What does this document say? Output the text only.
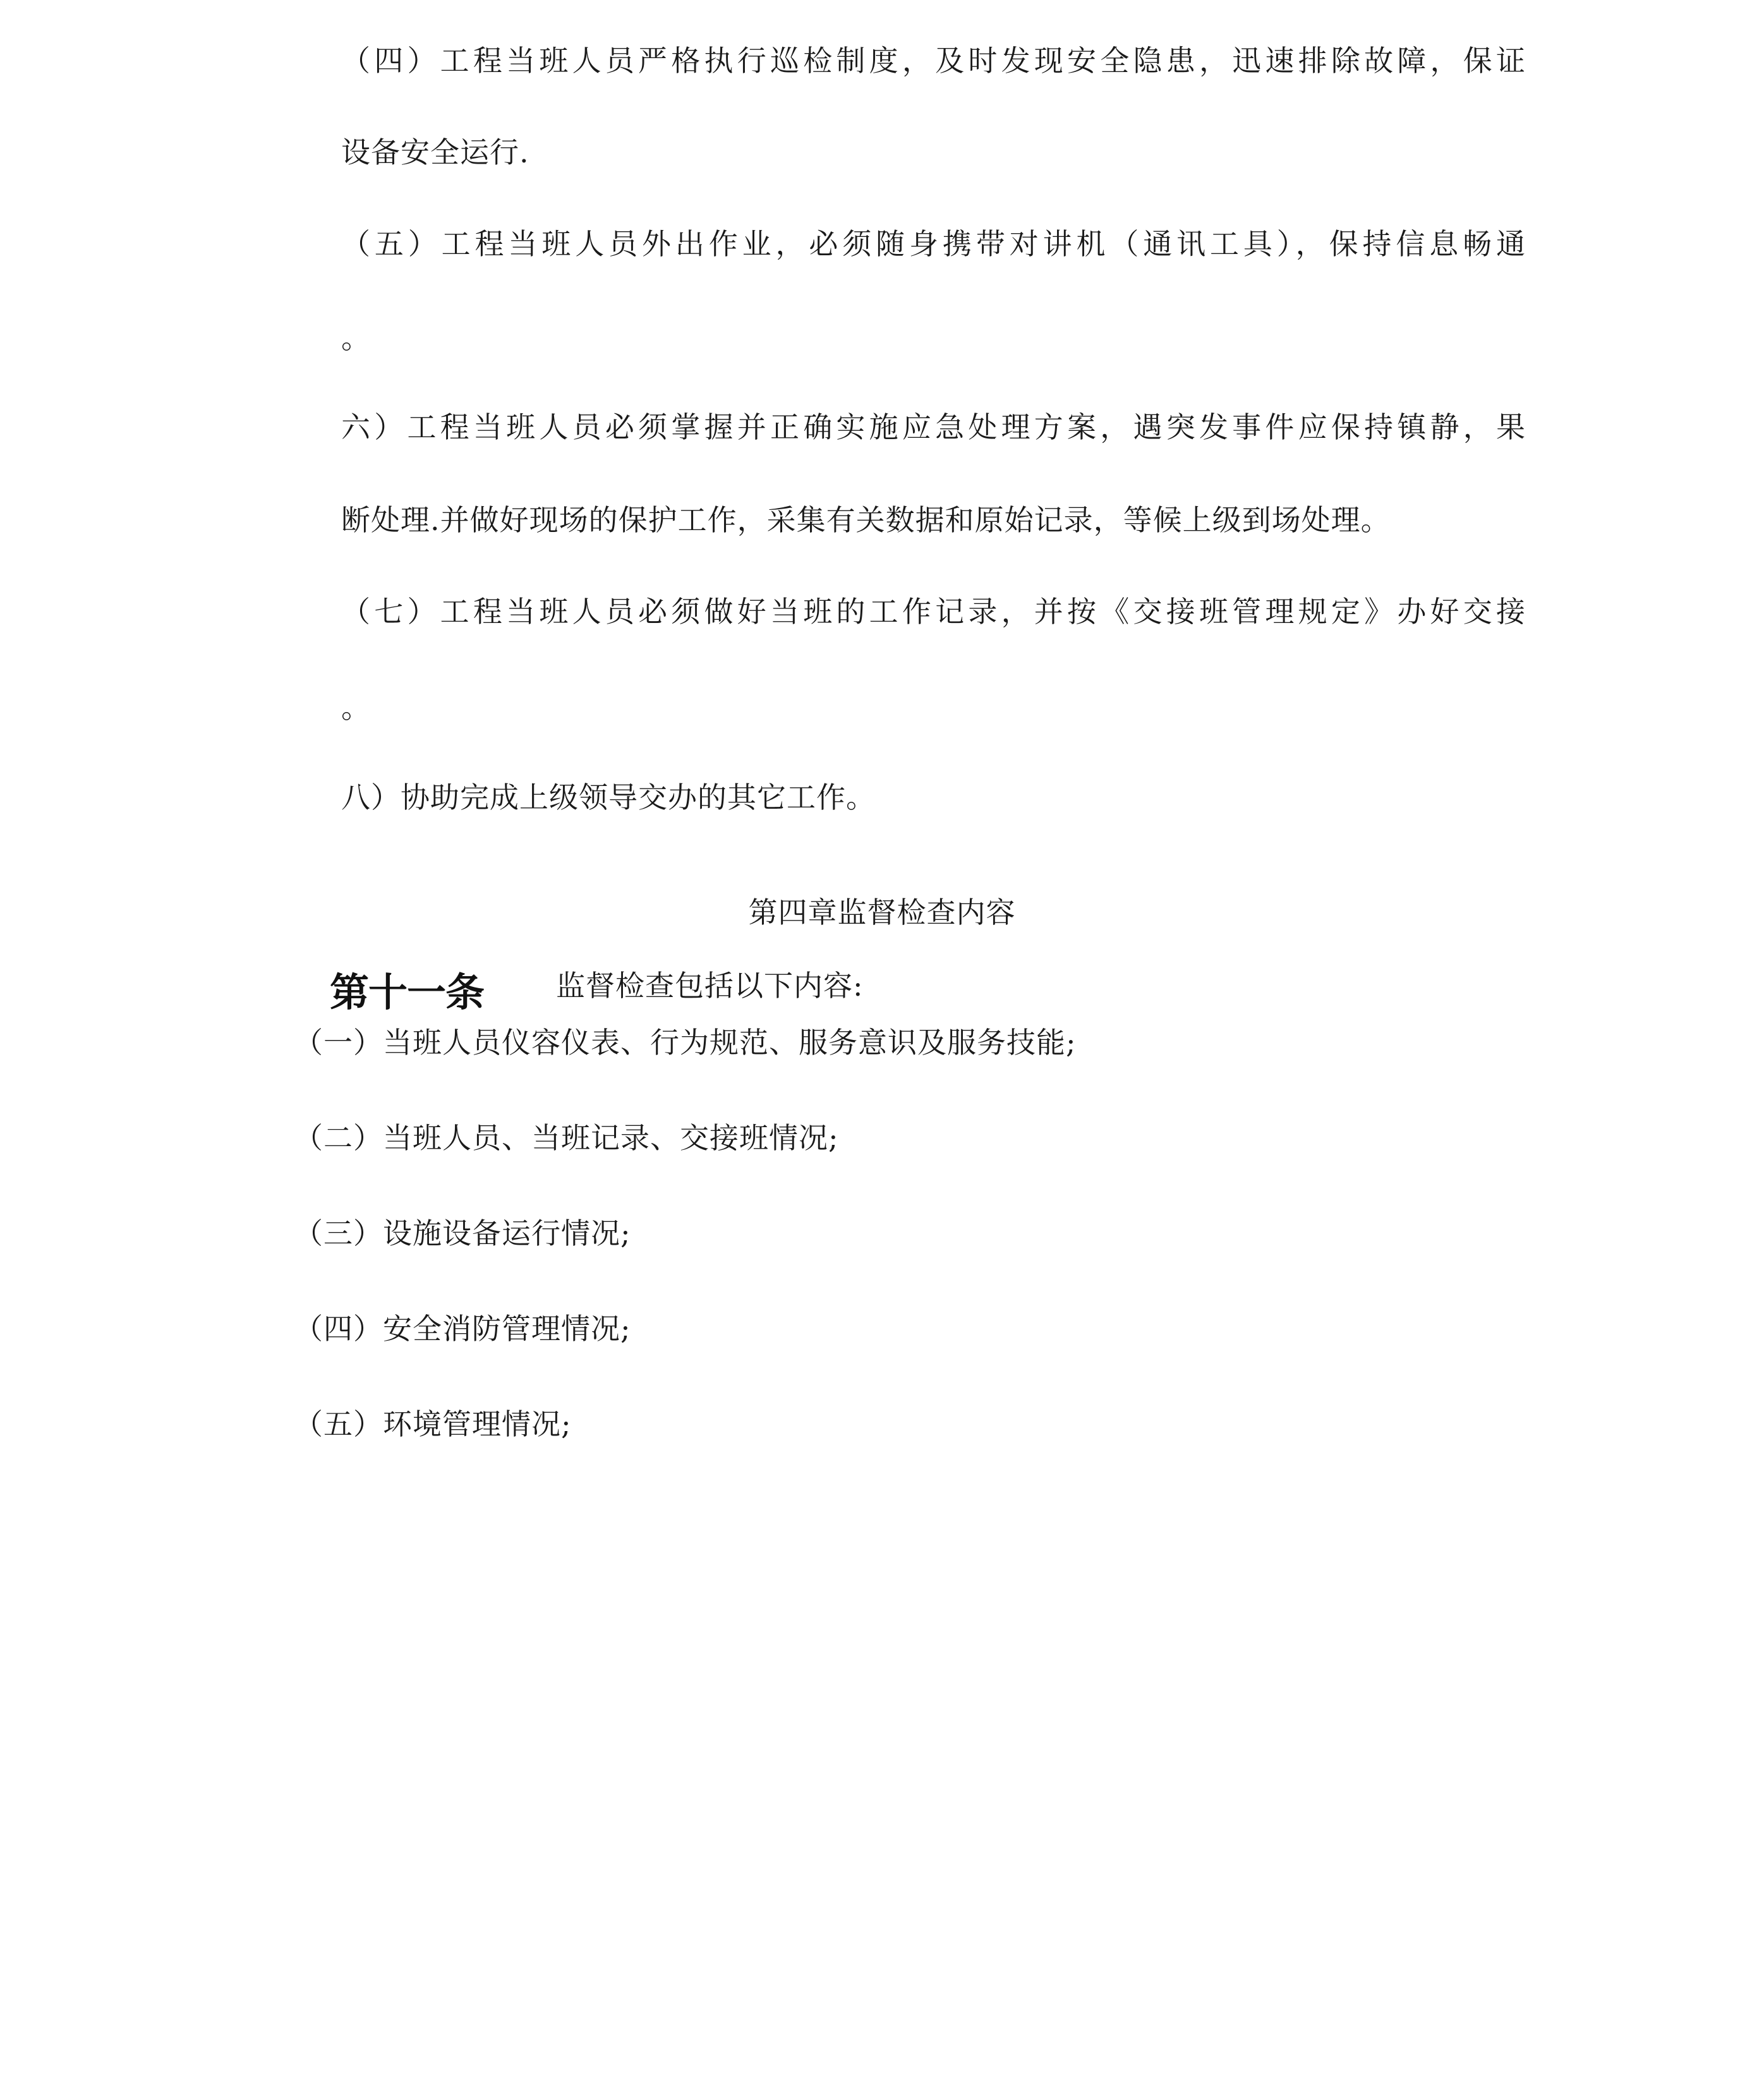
（四）工程当班人员严格执行巡检制度，及时发现安全隐患，迅速排除故障，保证
设备安全运行.
（五）工程当班人员外出作业，必须随身携带对讲机（通讯工具），保持信息畅通
。
六）工程当班人员必须掌握并正确实施应急处理方案，遇突发事件应保持镇静，果
断处理.并做好现场的保护工作，采集有关数据和原始记录，等候上级到场处理。
（七）工程当班人员必须做好当班的工作记录，并按《交接班管理规定》办好交接
。
八）协助完成上级领导交办的其它工作。
第四章监督检查内容
第十一条 监督检查包括以下内容:
（一）当班人员仪容仪表、行为规范、服务意识及服务技能;
（二）当班人员、当班记录、交接班情况;
（三）设施设备运行情况;
（四）安全消防管理情况;
（五）环境管理情况;
